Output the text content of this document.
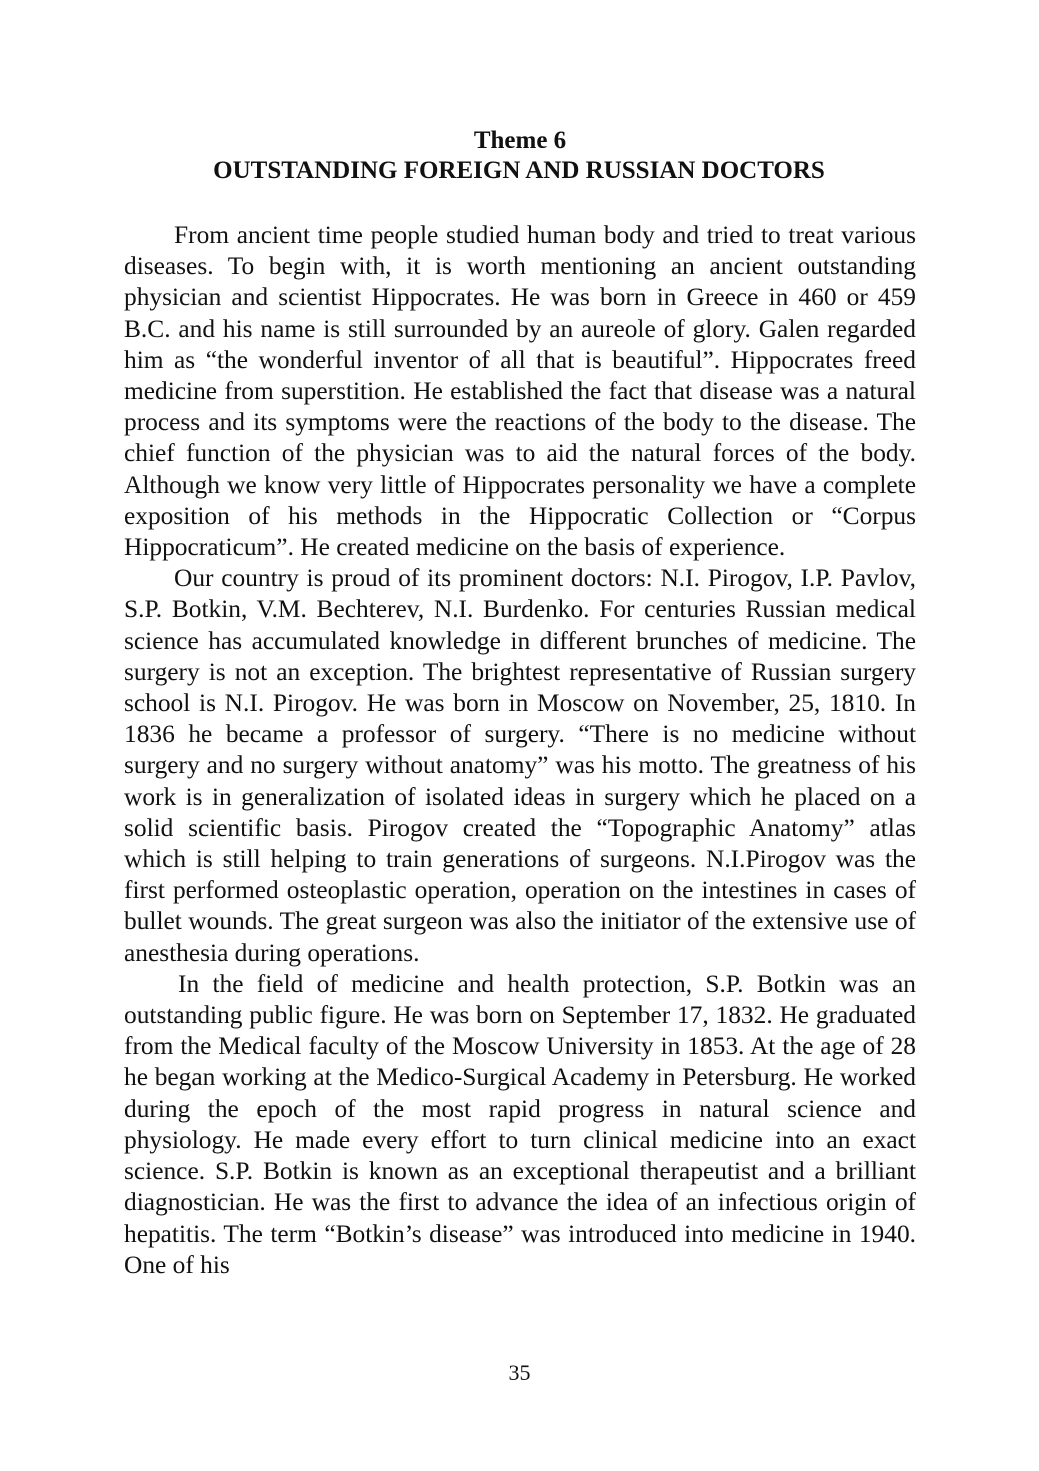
Theme 6
OUTSTANDING FOREIGN AND RUSSIAN DOCTORS

From ancient time people studied human body and tried to treat various diseases. To begin with, it is worth mentioning an ancient outstanding physician and scientist Hippocrates. He was born in Greece in 460 or 459 B.C. and his name is still surrounded by an aureole of glory. Galen regarded him as “the wonderful inventor of all that is beautiful”. Hippocrates freed medicine from superstition. He established the fact that disease was a natural process and its symptoms were the reactions of the body to the disease. The chief function of the physician was to aid the natural forces of the body. Although we know very little of Hippocrates personality we have a complete exposition of his methods in the Hippocratic Collection or “Corpus Hippocraticum”. He created medicine on the basis of experience.

Our country is proud of its prominent doctors: N.I. Pirogov, I.P. Pavlov, S.P. Botkin, V.M. Bechterev, N.I. Burdenko. For centuries Russian medical science has accumulated knowledge in different brunches of medicine. The surgery is not an exception. The brightest representative of Russian surgery school is N.I. Pirogov. He was born in Moscow on November, 25, 1810. In 1836 he became a professor of surgery. “There is no medicine without surgery and no surgery without anatomy” was his motto. The greatness of his work is in generalization of isolated ideas in surgery which he placed on a solid scientific basis. Pirogov created the “Topographic Anatomy” atlas which is still helping to train generations of surgeons. N.I.Pirogov was the first performed osteoplastic operation, operation on the intestines in cases of bullet wounds. The great surgeon was also the initiator of the extensive use of anesthesia during operations.

In the field of medicine and health protection, S.P. Botkin was an outstanding public figure. He was born on September 17, 1832. He graduated from the Medical faculty of the Moscow University in 1853. At the age of 28 he began working at the Medico-Surgical Academy in Petersburg. He worked during the epoch of the most rapid progress in natural science and physiology. He made every effort to turn clinical medicine into an exact science. S.P. Botkin is known as an exceptional therapeutist and a brilliant diagnostician. He was the first to advance the idea of an infectious origin of hepatitis. The term “Botkin’s disease” was introduced into medicine in 1940. One of his

35
